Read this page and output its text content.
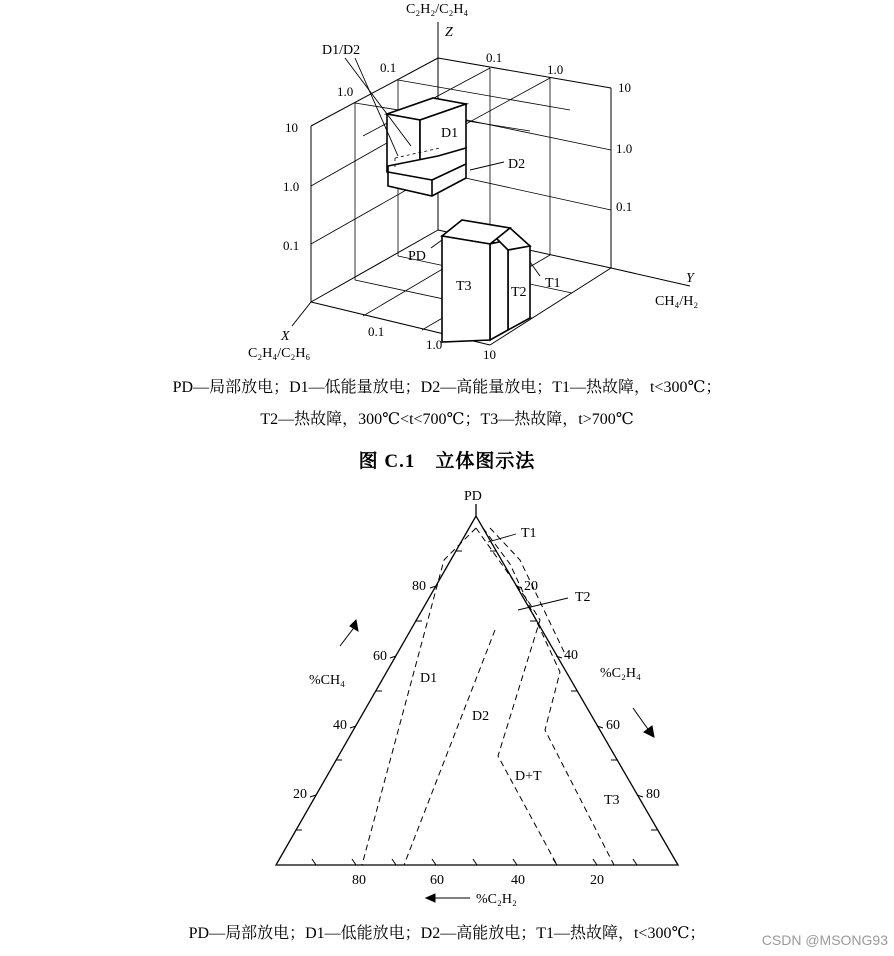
C₂H₂/C₂H₄
Z
Y
CH₄/H₂
X
C₂H₄/C₂H₆
10
1.0
0.1
0.1
1.0
0.1
1.0
10
1.0
0.1
0.1
1.0
10
D1/D2
D1
D2
PD
T3	T2
T1
PD—局部放电；D1—低能量放电；D2—高能量放电；T1—热故障，t<300℃；
T2—热故障，300℃<t<700℃；T3—热故障，t>700℃
图 C.1　立体图示法
PD
%CH₄	%C₂H₄
80
60
40
20
20
40
60
80
80	60	40	20
T1
T2
D1
D2
D+T
T3
%C₂H₂
PD—局部放电；D1—低能放电；D2—高能放电；T1—热故障，t<300℃；	CSDN @MSONG93
